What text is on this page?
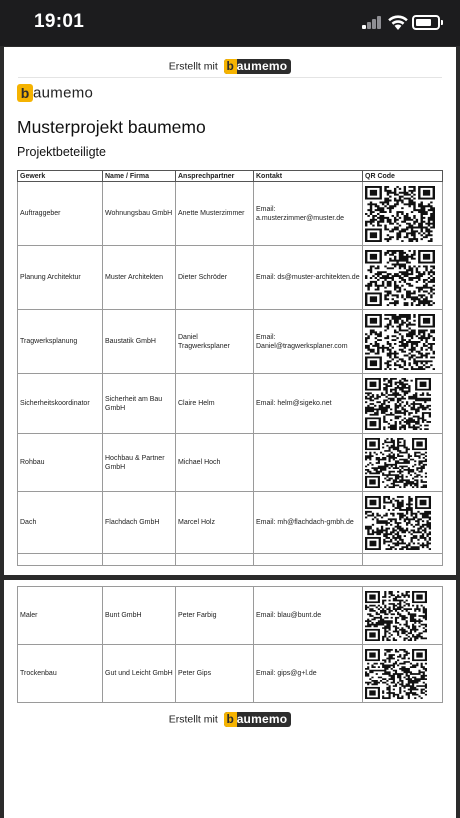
19:01
Erstellt mit b aumemo
b aumemo
Musterprojekt baumemo
Projektbeteiligte
Gewerk	Name / Firma	Ansprechpartner	Kontakt	QR Code
Auftraggeber	Wohnungsbau GmbH	Anette Musterzimmer	Email: a.musterzimmer@muster.de	

Planung Architektur	Muster Architekten	Dieter Schröder	Email: ds@muster-architekten.de	

Tragwerksplanung	Baustatik GmbH	Daniel Tragwerksplaner	Email: Daniel@tragwerksplaner.com	

Sicherheitskoordinator	Sicherheit am Bau GmbH	Claire Helm	Email: helm@sigeko.net	

Rohbau	Hochbau & Partner GmbH	Michael Hoch		

Dach	Flachdach GmbH	Marcel Holz	Email: mh@flachdach-gmbh.de	

Maler	Bunt GmbH	Peter Farbig	Email: blau@bunt.de	

Trockenbau	Gut und Leicht GmbH	Peter Gips	Email: gips@g+l.de	
Erstellt mit b aumemo
